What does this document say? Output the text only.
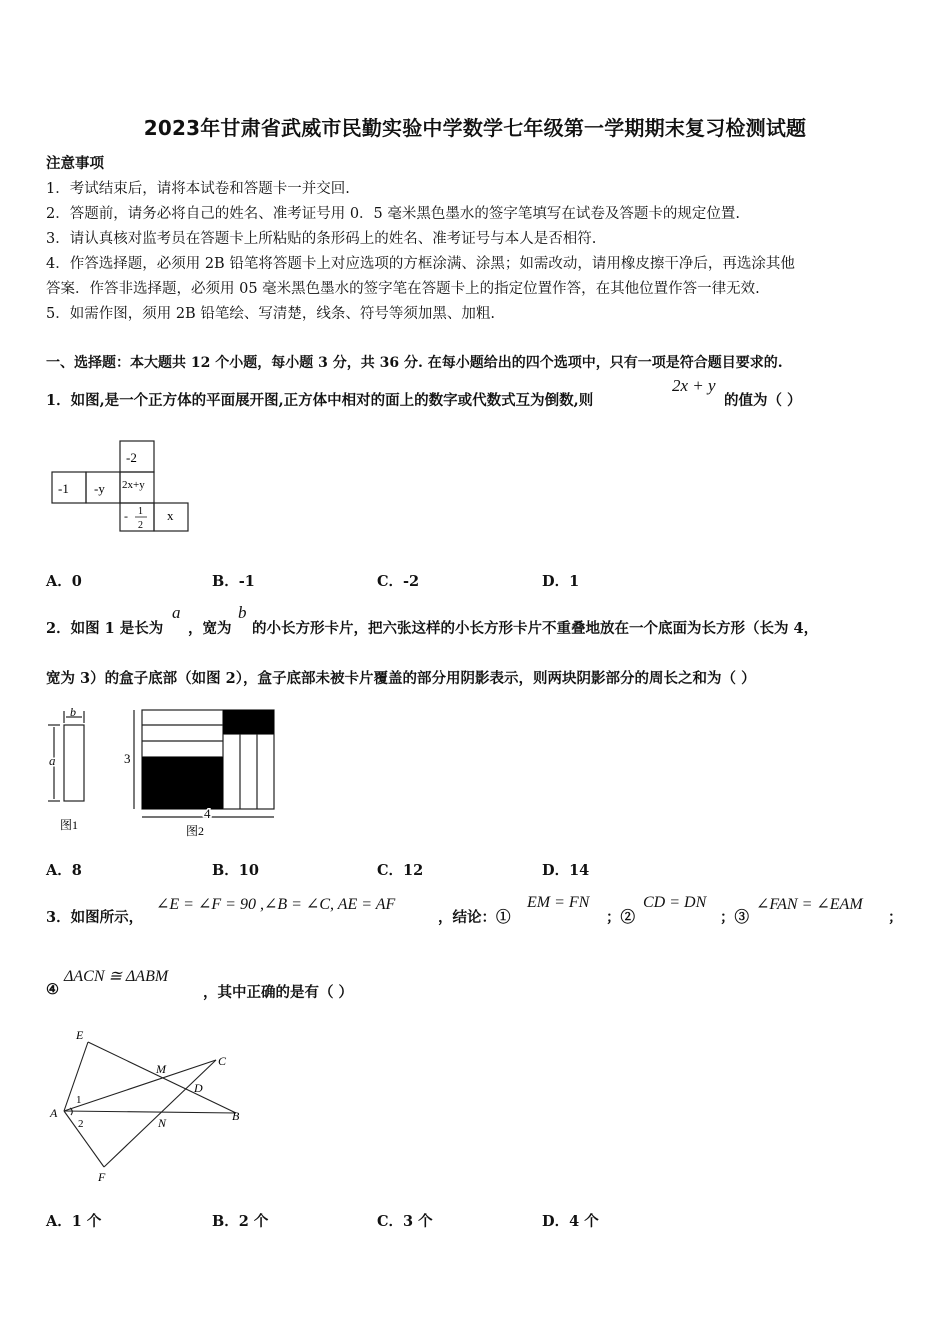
2023年甘肃省武威市民勤实验中学数学七年级第一学期期末复习检测试题
注意事项
1．考试结束后，请将本试卷和答题卡一并交回.
2．答题前，请务必将自己的姓名、准考证号用 0．5 毫米黑色墨水的签字笔填写在试卷及答题卡的规定位置.
3．请认真核对监考员在答题卡上所粘贴的条形码上的姓名、准考证号与本人是否相符.
4．作答选择题，必须用 2B 铅笔将答题卡上对应选项的方框涂满、涂黑；如需改动，请用橡皮擦干净后，再选涂其他
答案．作答非选择题，必须用 05 毫米黑色墨水的签字笔在答题卡上的指定位置作答，在其他位置作答一律无效.
5．如需作图，须用 2B 铅笔绘、写清楚，线条、符号等须加黑、加粗.
一、选择题：本大题共 12 个小题，每小题 3 分，共 36 分. 在每小题给出的四个选项中，只有一项是符合题目要求的.
1．如图,是一个正方体的平面展开图,正方体中相对的面上的数字或代数式互为倒数,则
2x + y
的值为（ ）
-2
-1 -y 2x+y
- 1
2
x
A．0	B．-1	C．-2	D．1
2．如图 1 是长为
a
，宽为
b
的小长方形卡片，把六张这样的小长方形卡片不重叠地放在一个底面为长方形（长为 4，
宽为 3）的盒子底部（如图 2），盒子底部未被卡片覆盖的部分用阴影表示，则两块阴影部分的周长之和为（ ）
b
a
图1
3
4
图2
A．8	B．10	C．12	D．14
3．如图所示，
∠E = ∠F = 90 ,∠B = ∠C, AE = AF
，结论：①
EM = FN
；②
CD = DN
；③
∠FAN = ∠EAM
；
④
ΔACN ≅ ΔABM
，其中正确的是有（ ）
E
M
C
D
A	B
N
F
1
2
A．1 个	B．2 个	C．3 个	D．4 个
